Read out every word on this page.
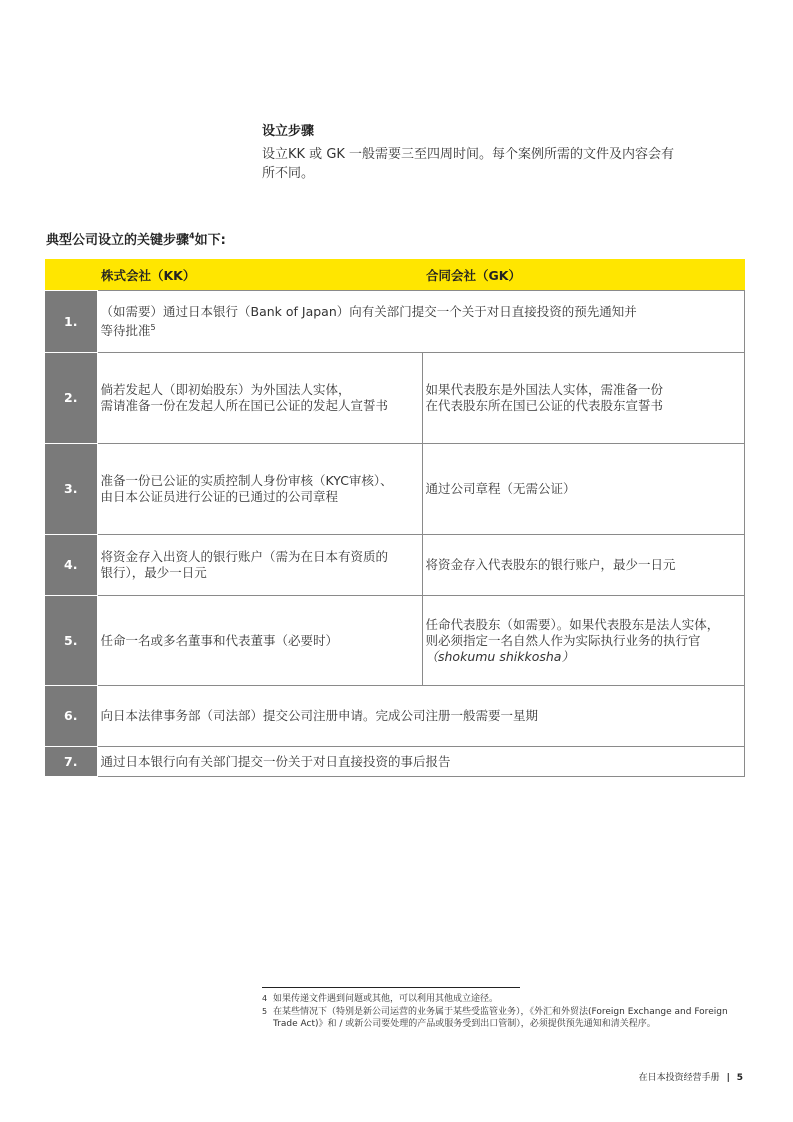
设立步骤
设立KK 或 GK 一般需要三至四周时间。每个案例所需的文件及内容会有所不同。
典型公司设立的关键步骤$^4$如下:
	株式会社（KK）	合同会社（GK）
1.	（如需要）通过日本银行（Bank of Japan）向有关部门提交一个关于对日直接投资的预先通知并
等待批准$^5$

2.	倘若发起人（即初始股东）为外国法人实体，
需请准备一份在发起人所在国已公证的发起人宣誓书	如果代表股东是外国法人实体，需准备一份
在代表股东所在国已公证的代表股东宣誓书

3.	准备一份已公证的实质控制人身份审核（KYC审核）、
由日本公证员进行公证的已通过的公司章程	通过公司章程（无需公证）

4.	将资金存入出资人的银行账户（需为在日本有资质的
银行），最少一日元	将资金存入代表股东的银行账户，最少一日元

5.	任命一名或多名董事和代表董事（必要时）	任命代表股东（如需要）。如果代表股东是法人实体，
则必须指定一名自然人作为实际执行业务的执行官
（shokumu shikkosha）

6.	向日本法律事务部（司法部）提交公司注册申请。完成公司注册一般需要一星期	

7.	通过日本银行向有关部门提交一份关于对日直接投资的事后报告	
4 如果传递文件遇到问题或其他，可以利用其他成立途径。
5 在某些情况下（特别是新公司运营的业务属于某些受监管业务），《外汇和外贸法(Foreign Exchange and Foreign Trade Act)》和 / 或新公司要处理的产品或服务受到出口管制），必须提供预先通知和清关程序。
在日本投资经营手册 | 5
